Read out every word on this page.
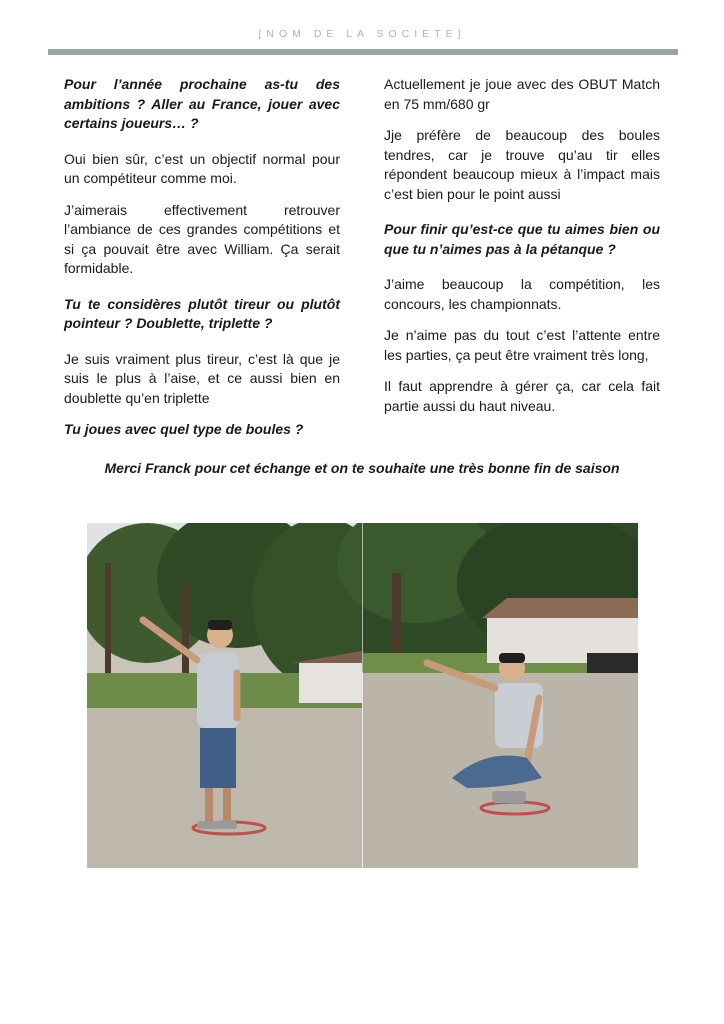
[NOM DE LA SOCIETE]

Pour l’année prochaine as-tu des ambitions ? Aller au France, jouer avec certains joueurs… ?

Oui bien sûr, c’est un objectif normal pour un compétiteur comme moi.

J’aimerais effectivement retrouver l’ambiance de ces grandes compétitions et si ça pouvait être avec William. Ça serait formidable.

Tu te considères plutôt tireur ou plutôt pointeur ? Doublette, triplette ?

Je suis vraiment plus tireur, c’est là que je suis le plus à l’aise, et ce aussi bien en doublette qu’en triplette

Tu joues avec quel type de boules ?

Actuellement je joue avec des OBUT Match en 75 mm/680 gr

Jje préfère de beaucoup des boules tendres, car je trouve qu’au tir elles répondent beaucoup mieux à l’impact mais c’est bien pour le point aussi

Pour finir qu’est-ce que tu aimes bien ou que tu n’aimes pas à la pétanque ?

J’aime beaucoup la compétition, les concours, les championnats.

Je n’aime pas du tout c’est l’attente entre les parties, ça peut être vraiment très long,

Il faut apprendre à gérer ça, car cela fait partie aussi du haut niveau.

Merci Franck pour cet échange et on te souhaite une très bonne fin de saison
